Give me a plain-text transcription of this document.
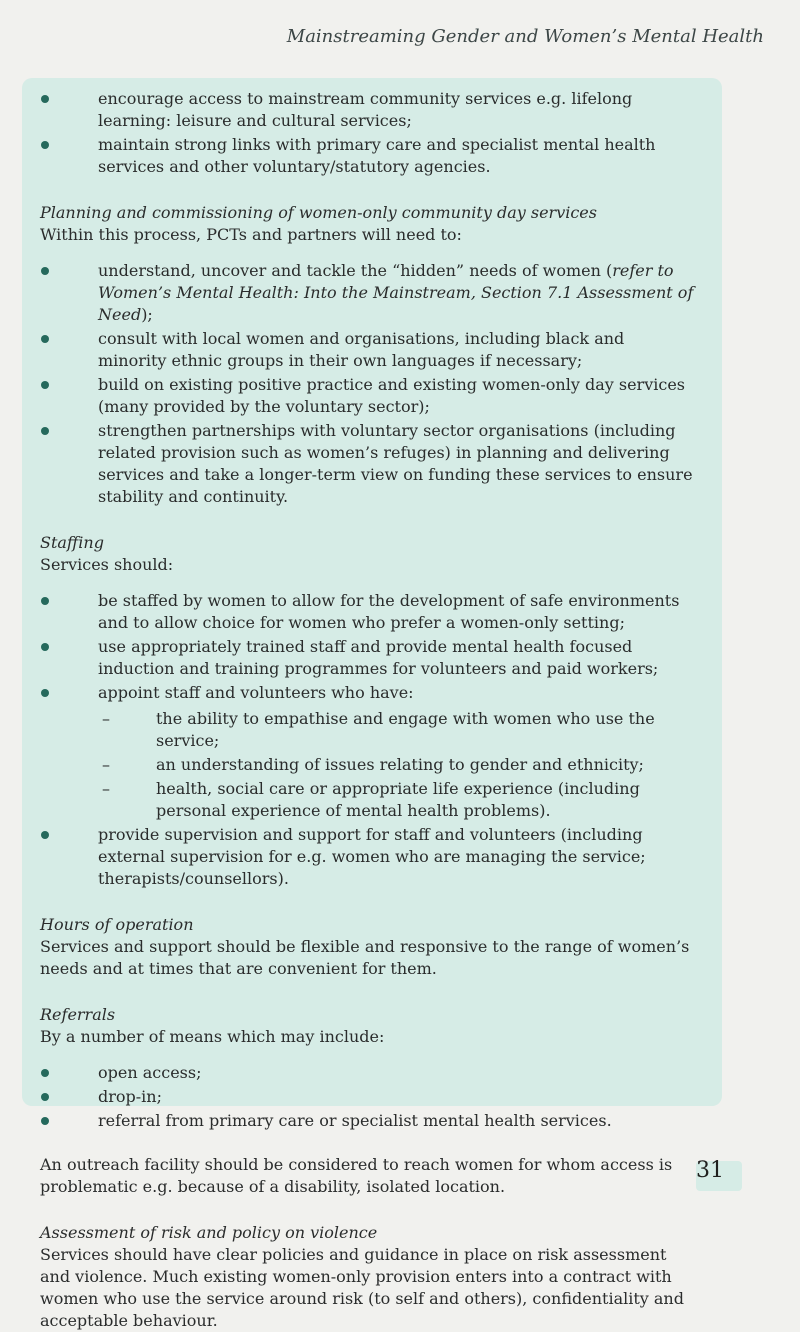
Mainstreaming Gender and Women’s Mental Health
encourage access to mainstream community services e.g. lifelong learning: leisure and cultural services;
maintain strong links with primary care and specialist mental health services and other voluntary/statutory agencies.

Planning and commissioning of women-only community day services

Within this process, PCTs and partners will need to:

understand, uncover and tackle the “hidden” needs of women (refer to Women’s Mental Health: Into the Mainstream, Section 7.1 Assessment of Need);
consult with local women and organisations, including black and minority ethnic groups in their own languages if necessary;
build on existing positive practice and existing women-only day services (many provided by the voluntary sector);
strengthen partnerships with voluntary sector organisations (including related provision such as women’s refuges) in planning and delivering services and take a longer-term view on funding these services to ensure stability and continuity.

Staffing

Services should:

be staffed by women to allow for the development of safe environments and to allow choice for women who prefer a women-only setting;
use appropriately trained staff and provide mental health focused induction and training programmes for volunteers and paid workers;
appoint staff and volunteers who have:
– the ability to empathise and engage with women who use the service;
– an understanding of issues relating to gender and ethnicity;
– health, social care or appropriate life experience (including personal experience of mental health problems).
provide supervision and support for staff and volunteers (including external supervision for e.g. women who are managing the service; therapists/counsellors).

Hours of operation

Services and support should be flexible and responsive to the range of women’s needs and at times that are convenient for them.

Referrals

By a number of means which may include:

open access;
drop-in;
referral from primary care or specialist mental health services.

An outreach facility should be considered to reach women for whom access is problematic e.g. because of a disability, isolated location.

Assessment of risk and policy on violence

Services should have clear policies and guidance in place on risk assessment and violence. Much existing women-only provision enters into a contract with women who use the service around risk (to self and others), confidentiality and acceptable behaviour.

31
